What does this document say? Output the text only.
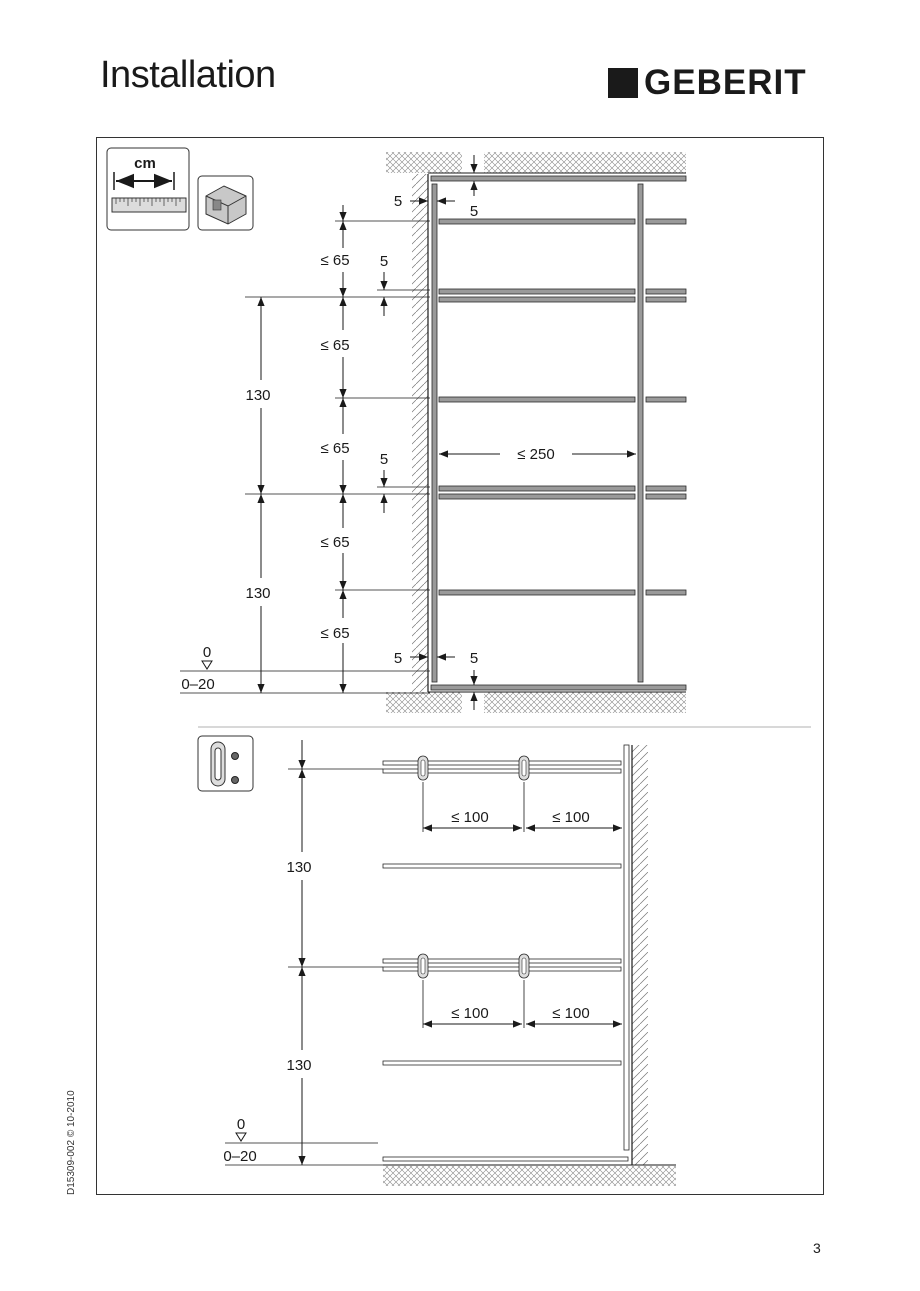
Installation	GEBERIT
cm
5
5
5
5
5	5
≤ 65
≤ 65
≤ 65
≤ 65
≤ 65
130
130
≤ 250
0
0–20
130
130
≤ 100	≤ 100
≤ 100	≤ 100
0
0–20
D15309-002 © 10-2010
3
